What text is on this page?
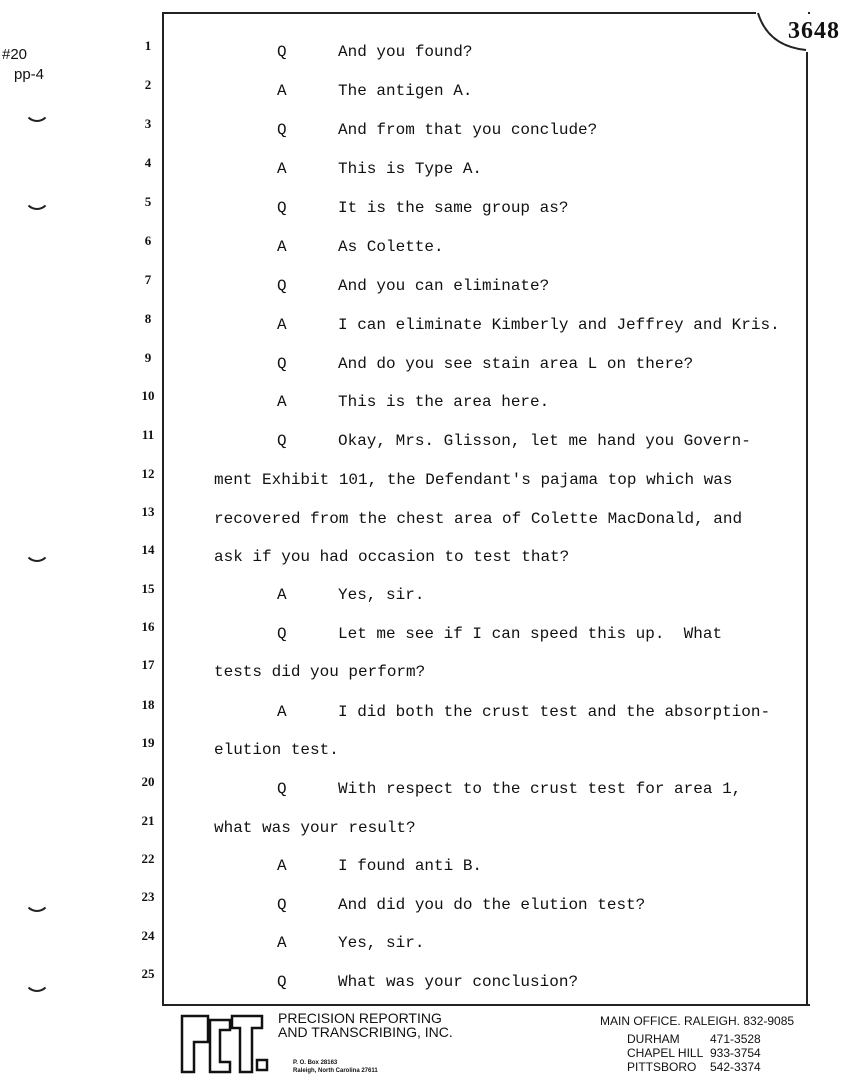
#20
pp-4
3648
1	Q	And you found?
2	A	The antigen A.
3	Q	And from that you conclude?
4	A	This is Type A.
5	Q	It is the same group as?
6	A	As Colette.
7	Q	And you can eliminate?
8	A	I can eliminate Kimberly and Jeffrey and Kris.
9	Q	And do you see stain area L on there?
10	A	This is the area here.
11	Q	Okay, Mrs. Glisson, let me hand you Govern-
12	ment Exhibit 101, the Defendant's pajama top which was
13	recovered from the chest area of Colette MacDonald, and
14	ask if you had occasion to test that?
15	A	Yes, sir.
16	Q	Let me see if I can speed this up.  What
17	tests did you perform?
18	A	I did both the crust test and the absorption-
19	elution test.
20	Q	With respect to the crust test for area 1,
21	what was your result?
22	A	I found anti B.
23	Q	And did you do the elution test?
24	A	Yes, sir.
25	Q	What was your conclusion?
PRECISION REPORTING
AND TRANSCRIBING, INC.
P. O. Box 28163
Raleigh, North Carolina 27611
MAIN OFFICE. RALEIGH. 832-9085
DURHAM	471-3528
CHAPEL HILL 933-3754
PITTSBORO 542-3374
